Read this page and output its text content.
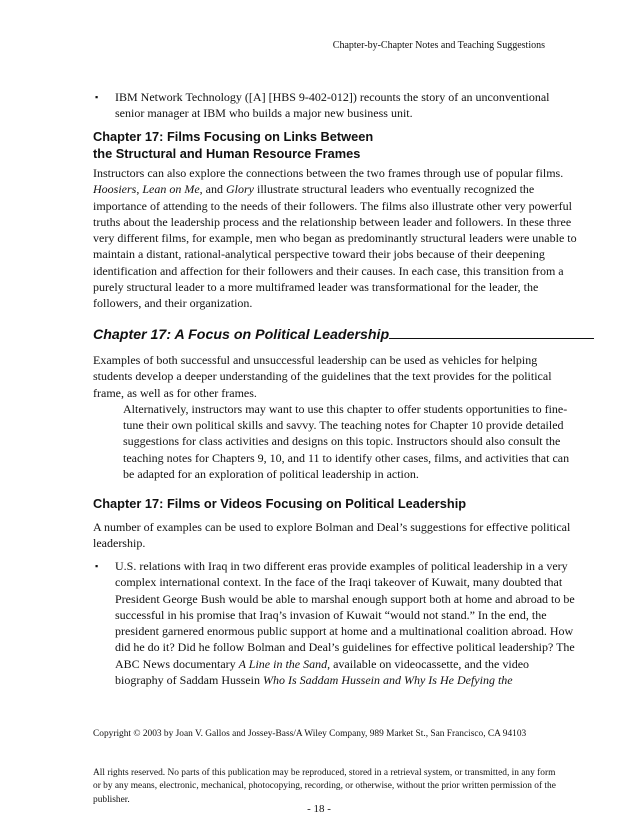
Chapter-by-Chapter Notes and Teaching Suggestions
▪	IBM Network Technology ([A] [HBS 9-402-012]) recounts the story of an unconventional senior manager at IBM who builds a major new business unit.

Chapter 17: Films Focusing on Links Between

the Structural and Human Resource Frames

Instructors can also explore the connections between the two frames through use of popular films. Hoosiers, Lean on Me, and Glory illustrate structural leaders who eventually recognized the importance of attending to the needs of their followers. The films also illustrate other very powerful truths about the leadership process and the relationship between leader and followers. In these three very different films, for example, men who began as predominantly structural leaders were unable to maintain a distant, rational-analytical perspective toward their jobs because of their deepening identification and affection for their followers and their causes. In each case, this transition from a purely structural leader to a more multiframed leader was transformational for the leader, the followers, and their organization.

Chapter 17: A Focus on Political Leadership

Examples of both successful and unsuccessful leadership can be used as vehicles for helping students develop a deeper understanding of the guidelines that the text provides for the political frame, as well as for other frames.

Alternatively, instructors may want to use this chapter to offer students opportunities to fine-tune their own political skills and savvy. The teaching notes for Chapter 10 provide detailed suggestions for class activities and designs on this topic. Instructors should also consult the teaching notes for Chapters 9, 10, and 11 to identify other cases, films, and activities that can be adapted for an exploration of political leadership in action.

Chapter 17: Films or Videos Focusing on Political Leadership

A number of examples can be used to explore Bolman and Deal’s suggestions for effective political leadership.

▪	U.S. relations with Iraq in two different eras provide examples of political leadership in a very complex international context. In the face of the Iraqi takeover of Kuwait, many doubted that President George Bush would be able to marshal enough support both at home and abroad to be successful in his promise that Iraq’s invasion of Kuwait “would not stand.” In the end, the president garnered enormous public support at home and a multinational coalition abroad. How did he do it? Did he follow Bolman and Deal’s guidelines for effective political leadership? The ABC News documentary A Line in the Sand, available on videocassette, and the video biography of Saddam Hussein Who Is Saddam Hussein and Why Is He Defying the
Copyright © 2003 by Joan V. Gallos and Jossey-Bass/A Wiley Company, 989 Market St., San Francisco, CA 94103
All rights reserved. No parts of this publication may be reproduced, stored in a retrieval system, or transmitted, in any form or by any means, electronic, mechanical, photocopying, recording, or otherwise, without the prior written permission of the publisher.
- 18 -
